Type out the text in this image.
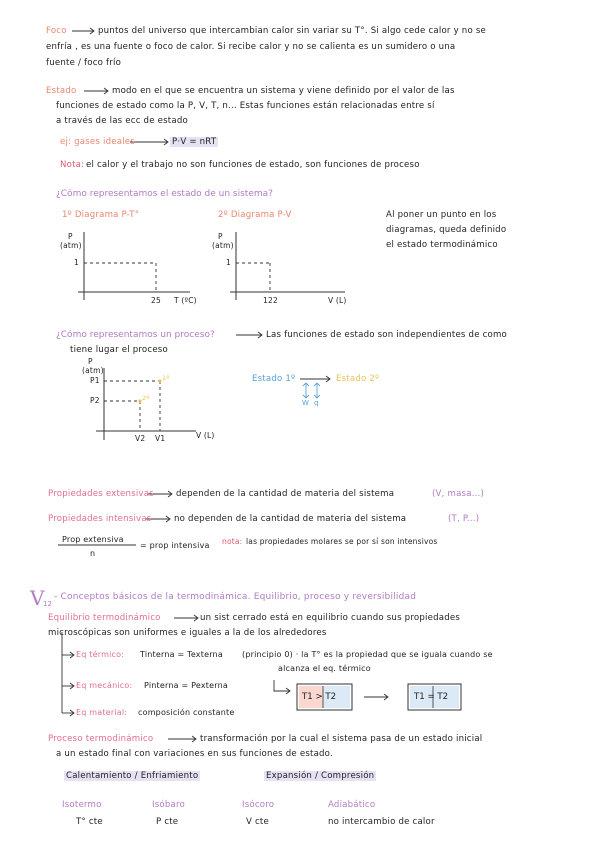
Foco	puntos del universo que intercambian calor sin variar su T°. Si algo cede calor y no se
enfría , es una fuente o foco de calor. Si recibe calor y no se calienta es un sumidero o una
fuente / foco frío
Estado	modo en el que se encuentra un sistema y viene definido por el valor de las
funciones de estado como la P, V, T, n... Estas funciones están relacionadas entre sí
a través de las ecc de estado
ej: gases ideales	P·V = nRT
Nota: el calor y el trabajo no son funciones de estado, son funciones de proceso
¿Cómo representamos el estado de un sistema?
1º Diagrama P-T°
P
(atm)
1
25 T (ºC)
2º Diagrama P-V
P
(atm)
1
122	V (L)
Al poner un punto en los
diagramas, queda definido
el estado termodinámico
¿Cómo representamos un proceso?	Las funciones de estado son independientes de como
tiene lugar el proceso
P
(atm)
P1
P2
V2 V1	V (L)
1º
2º
Estado 1º	Estado 2º
W q
Propiedades extensivas	dependen de la cantidad de materia del sistema	(V, masa...)
Propiedades intensivas	no dependen de la cantidad de materia del sistema	(T, P...)
Prop extensiva
n
= prop intensiva nota: las propiedades molares se por sí son intensivos
V
12
- Conceptos básicos de la termodinámica. Equilibrio, proceso y reversibilidad
Equilibrio termodinámico	un sist cerrado está en equilibrio cuando sus propiedades
microscópicas son uniformes e iguales a la de los alrededores
Eq térmico: Tinterna = Texterna (principio 0) · la T° es la propiedad que se iguala cuando se
alcanza el eq. térmico
Eq mecánico: Pinterna = Pexterna
Eq material: composición constante
T1 > T2	T1 = T2
Proceso termodinámico	transformación por la cual el sistema pasa de un estado inicial
a un estado final con variaciones en sus funciones de estado.
Calentamiento / Enfriamiento	Expansión / Compresión
Isotermo
T° cte
Isóbaro
P cte
Isócoro
V cte
Adiabático
no intercambio de calor
